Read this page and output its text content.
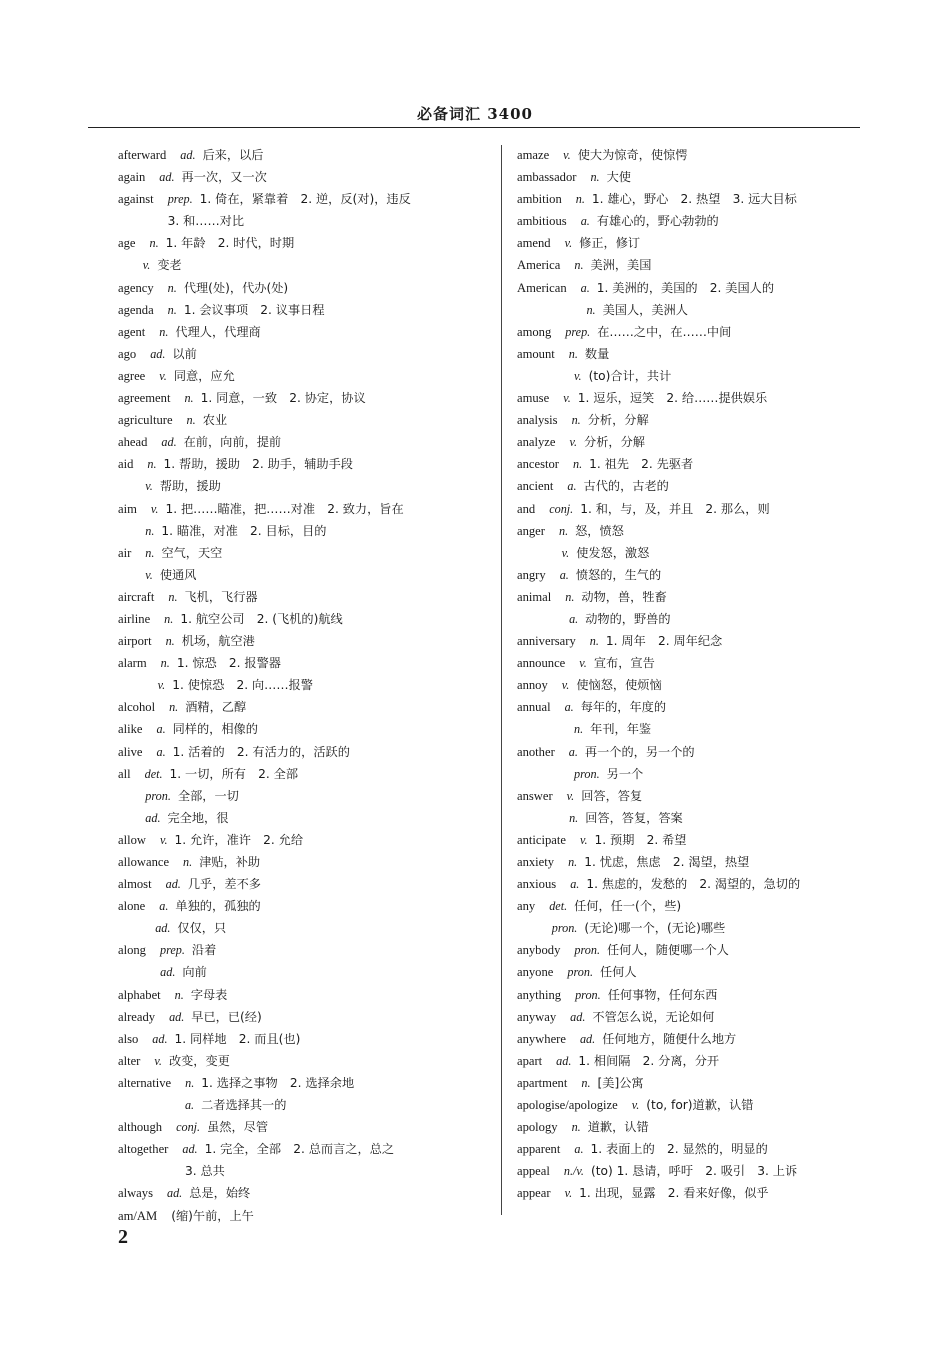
必备词汇 3400
afterward ad. 后来，以后
again ad. 再一次，又一次
against prep. 1. 倚在，紧靠着　2. 逆，反(对)，违反
3. 和……对比
age n. 1. 年龄　2. 时代，时期
v. 变老
agency n. 代理(处)，代办(处)
agenda n. 1. 会议事项　2. 议事日程
agent n. 代理人，代理商
ago ad. 以前
agree v. 同意，应允
agreement n. 1. 同意，一致　2. 协定，协议
agriculture n. 农业
ahead ad. 在前，向前，提前
aid n. 1. 帮助，援助　2. 助手，辅助手段
v. 帮助，援助
aim v. 1. 把……瞄准，把……对准　2. 致力，旨在
n. 1. 瞄准，对准　2. 目标，目的
air n. 空气，天空
v. 使通风
aircraft n. 飞机，飞行器
airline n. 1. 航空公司　2. (飞机的)航线
airport n. 机场，航空港
alarm n. 1. 惊恐　2. 报警器
v. 1. 使惊恐　2. 向……报警
alcohol n. 酒精，乙醇
alike a. 同样的，相像的
alive a. 1. 活着的　2. 有活力的，活跃的
all det. 1. 一切，所有　2. 全部
pron. 全部，一切
ad. 完全地，很
allow v. 1. 允许，准许　2. 允给
allowance n. 津贴，补助
almost ad. 几乎，差不多
alone a. 单独的，孤独的
ad. 仅仅，只
along prep. 沿着
ad. 向前
alphabet n. 字母表
already ad. 早已，已(经)
also ad. 1. 同样地　2. 而且(也)
alter v. 改变，变更
alternative n. 1. 选择之事物　2. 选择余地
a. 二者选择其一的
although conj. 虽然，尽管
altogether ad. 1. 完全，全部　2. 总而言之，总之
3. 总共
always ad. 总是，始终
am/AM (缩)午前，上午
amaze v. 使大为惊奇，使惊愕
ambassador n. 大使
ambition n. 1. 雄心，野心　2. 热望　3. 远大目标
ambitious a. 有雄心的，野心勃勃的
amend v. 修正，修订
America n. 美洲，美国
American a. 1. 美洲的，美国的　2. 美国人的
n. 美国人，美洲人
among prep. 在……之中，在……中间
amount n. 数量
v. (to)合计，共计
amuse v. 1. 逗乐，逗笑　2. 给……提供娱乐
analysis n. 分析，分解
analyze v. 分析，分解
ancestor n. 1. 祖先　2. 先驱者
ancient a. 古代的，古老的
and conj. 1. 和，与，及，并且　2. 那么，则
anger n. 怒，愤怒
v. 使发怒，激怒
angry a. 愤怒的，生气的
animal n. 动物，兽，牲畜
a. 动物的，野兽的
anniversary n. 1. 周年　2. 周年纪念
announce v. 宣布，宣告
annoy v. 使恼怒，使烦恼
annual a. 每年的，年度的
n. 年刊，年鉴
another a. 再一个的，另一个的
pron. 另一个
answer v. 回答，答复
n. 回答，答复，答案
anticipate v. 1. 预期　2. 希望
anxiety n. 1. 忧虑，焦虑　2. 渴望，热望
anxious a. 1. 焦虑的，发愁的　2. 渴望的，急切的
any det. 任何，任一(个，些)
pron. (无论)哪一个，(无论)哪些
anybody pron. 任何人，随便哪一个人
anyone pron. 任何人
anything pron. 任何事物，任何东西
anyway ad. 不管怎么说，无论如何
anywhere ad. 任何地方，随便什么地方
apart ad. 1. 相间隔　2. 分离，分开
apartment n. [美]公寓
apologise/apologize v. (to, for)道歉，认错
apology n. 道歉，认错
apparent a. 1. 表面上的　2. 显然的，明显的
appeal n./v. (to) 1. 恳请，呼吁　2. 吸引　3. 上诉
appear v. 1. 出现，显露　2. 看来好像，似乎
2
